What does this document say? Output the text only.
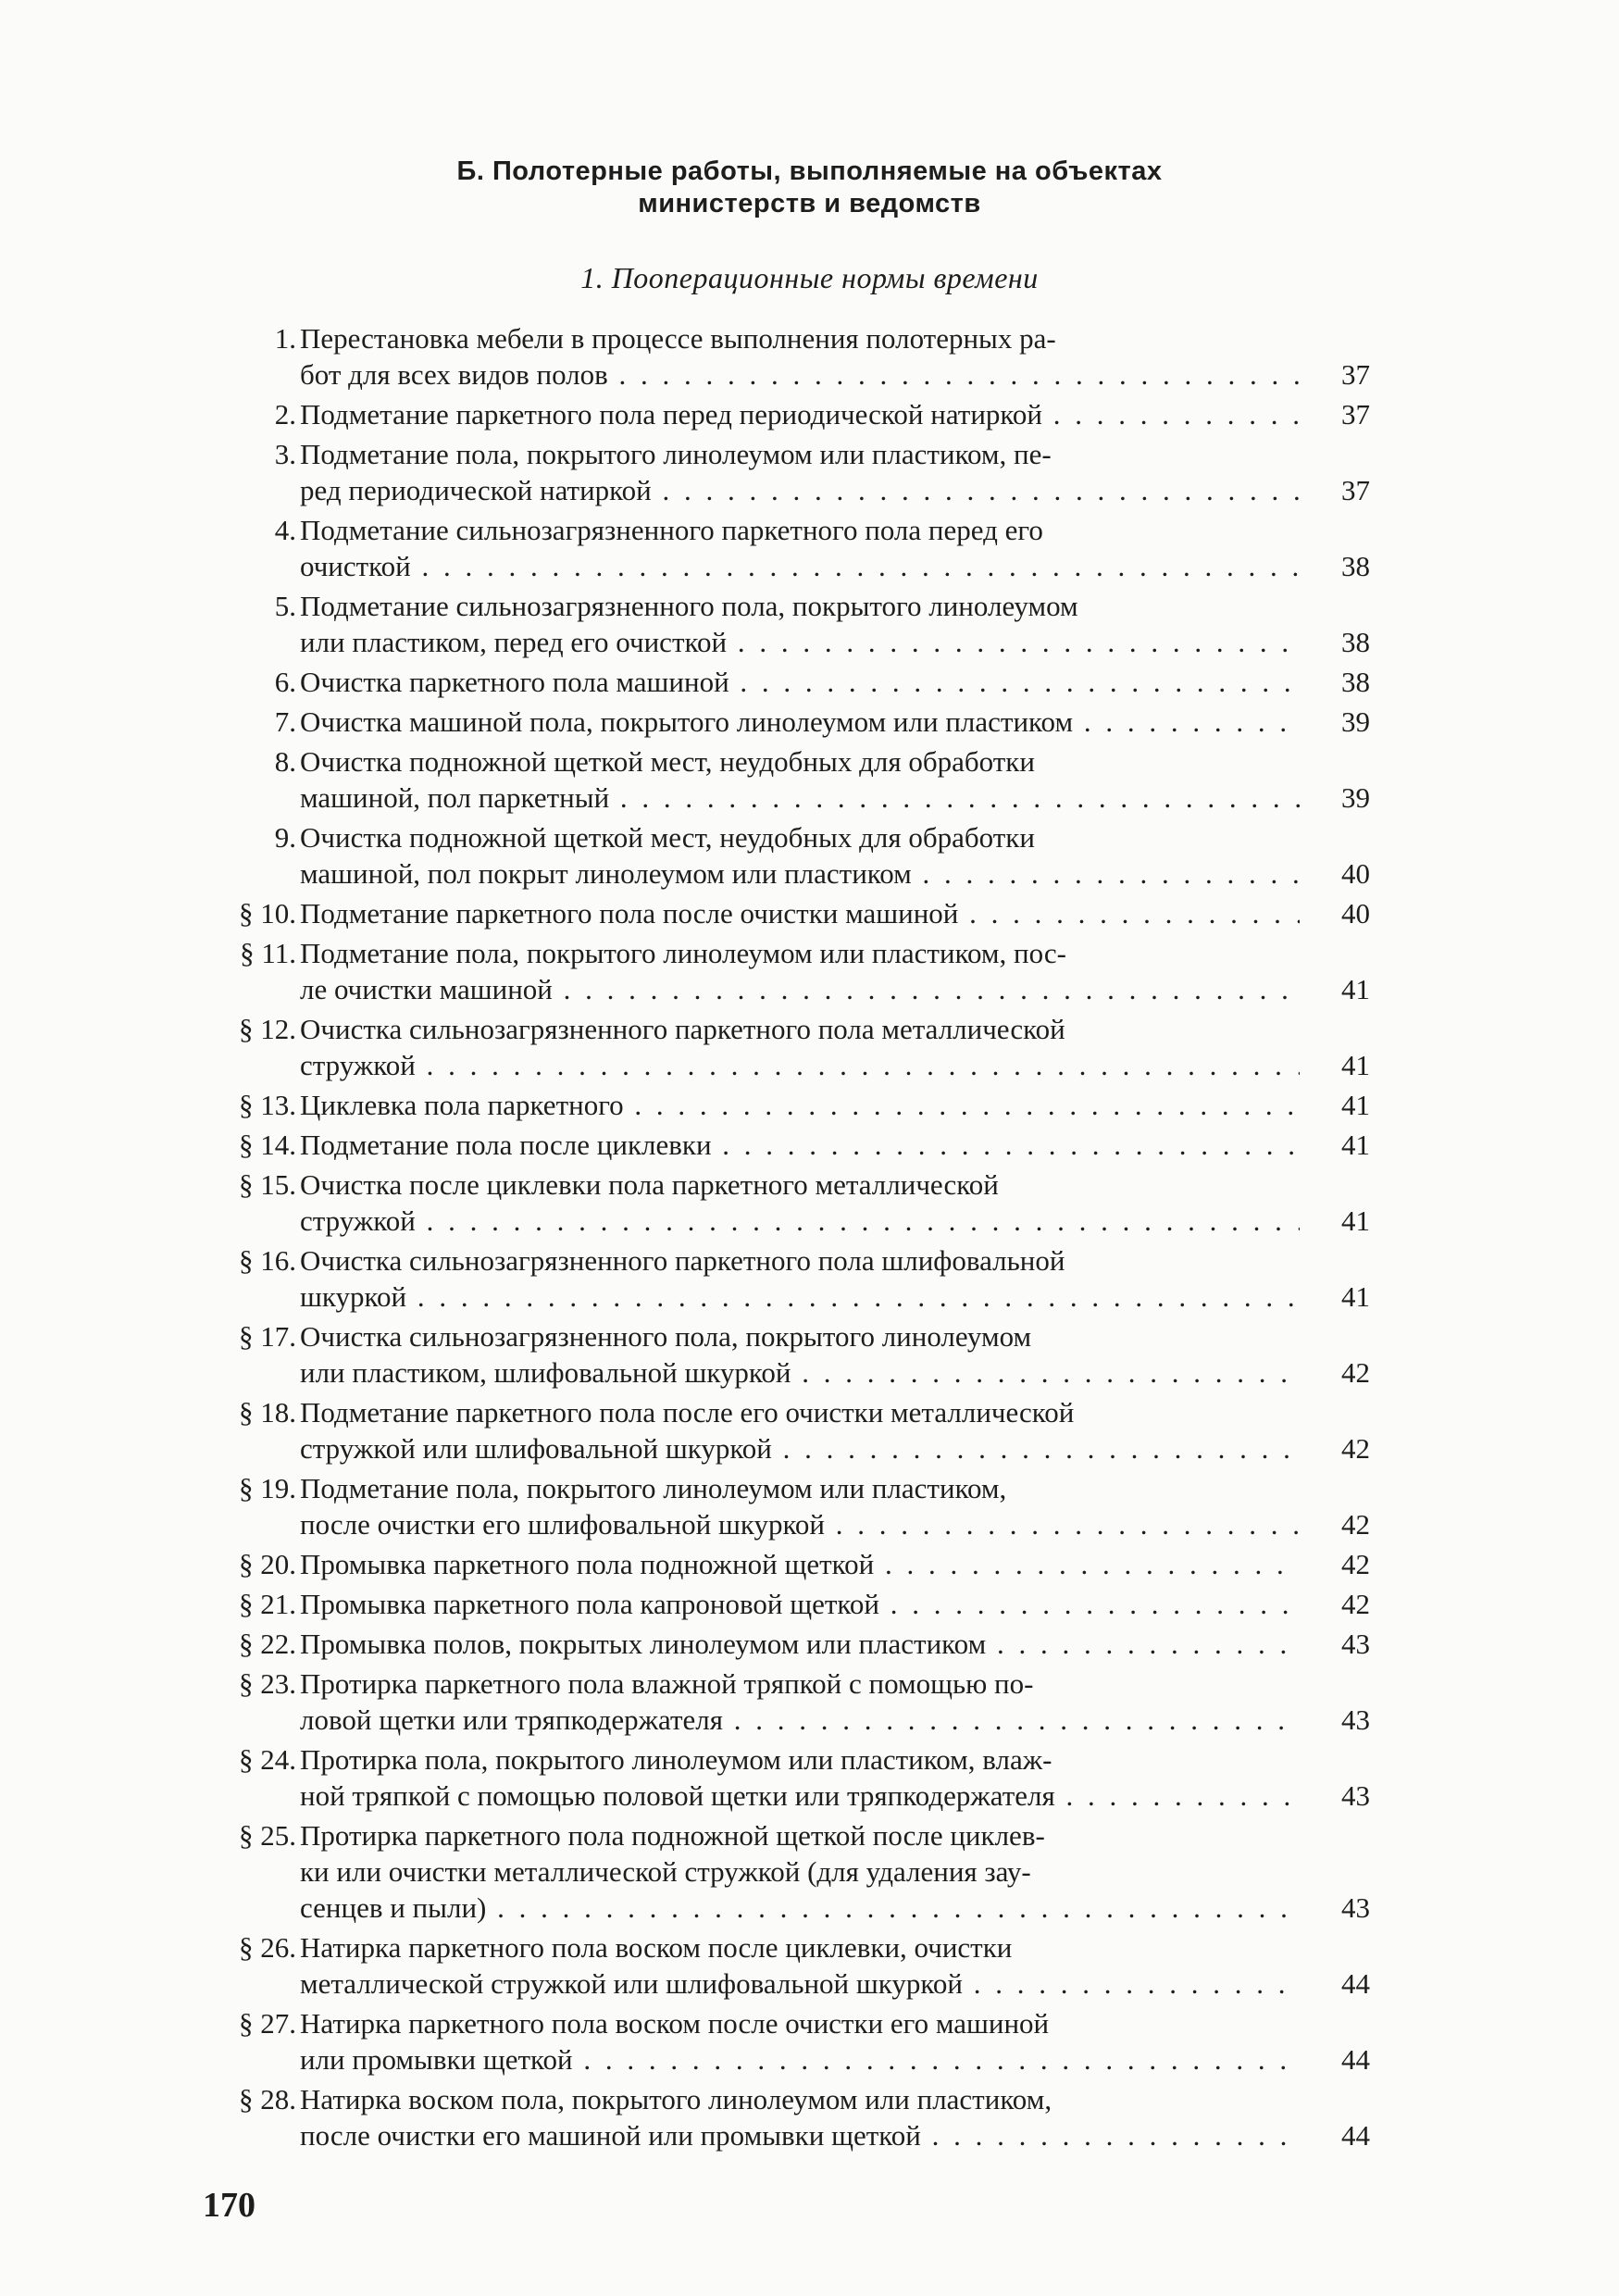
Б. Полотерные работы, выполняемые на объектах
министерств и ведомств
1. Пооперационные нормы времени
1. Перестановка мебели в процессе выполнения полотерных ра-
бот для всех видов полов . . .	37
2. Подметание паркетного пола перед периодической натиркой . . .	37
3. Подметание пола, покрытого линолеумом или пластиком, пе-
ред периодической натиркой . . .	37
4. Подметание сильнозагрязненного паркетного пола перед его
очисткой . . .	38
5. Подметание сильнозагрязненного пола, покрытого линолеумом
или пластиком, перед его очисткой . . .	38
6. Очистка паркетного пола машиной . . .	38
7. Очистка машиной пола, покрытого линолеумом или пластиком . . .	39
8. Очистка подножной щеткой мест, неудобных для обработки
машиной, пол паркетный . . .	39
9. Очистка подножной щеткой мест, неудобных для обработки
машиной, пол покрыт линолеумом или пластиком . . .	40
§ 10. Подметание паркетного пола после очистки машиной . . .	40
§ 11. Подметание пола, покрытого линолеумом или пластиком, пос-
ле очистки машиной . . .	41
§ 12. Очистка сильнозагрязненного паркетного пола металлической
стружкой . . .	41
§ 13. Циклевка пола паркетного . . .	41
§ 14. Подметание пола после циклевки . . .	41
§ 15. Очистка после циклевки пола паркетного металлической
стружкой . . .	41
§ 16. Очистка сильнозагрязненного паркетного пола шлифовальной
шкуркой . . .	41
§ 17. Очистка сильнозагрязненного пола, покрытого линолеумом
или пластиком, шлифовальной шкуркой . . .	42
§ 18. Подметание паркетного пола после его очистки металлической
стружкой или шлифовальной шкуркой . . .	42
§ 19. Подметание пола, покрытого линолеумом или пластиком,
после очистки его шлифовальной шкуркой . . .	42
§ 20. Промывка паркетного пола подножной щеткой . . .	42
§ 21. Промывка паркетного пола капроновой щеткой . . .	42
§ 22. Промывка полов, покрытых линолеумом или пластиком . . .	43
§ 23. Протирка паркетного пола влажной тряпкой с помощью по-
ловой щетки или тряпкодержателя . . .	43
§ 24. Протирка пола, покрытого линолеумом или пластиком, влаж-
ной тряпкой с помощью половой щетки или тряпкодержателя . . .	43
§ 25. Протирка паркетного пола подножной щеткой после циклев-
ки или очистки металлической стружкой (для удаления зау-
сенцев и пыли) . . .	43
§ 26. Натирка паркетного пола воском после циклевки, очистки
металлической стружкой или шлифовальной шкуркой . . .	44
§ 27. Натирка паркетного пола воском после очистки его машиной
или промывки щеткой . . .	44
§ 28. Натирка воском пола, покрытого линолеумом или пластиком,
после очистки его машиной или промывки щеткой . . .	44
170
